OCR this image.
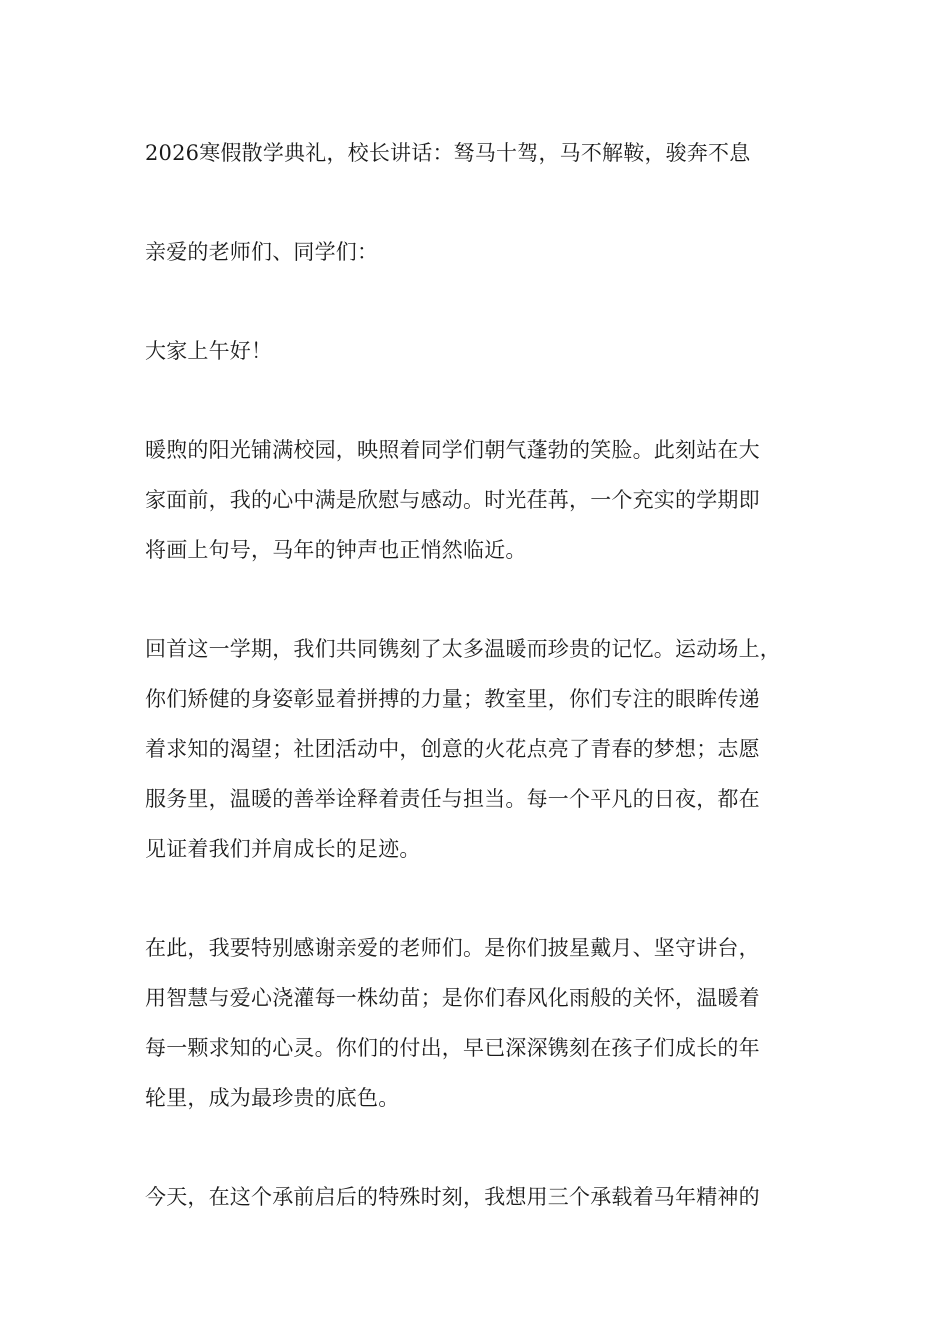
2026寒假散学典礼，校长讲话：驽马十驾，马不解鞍，骏奔不息
亲爱的老师们、同学们：
大家上午好！
暖煦的阳光铺满校园，映照着同学们朝气蓬勃的笑脸。此刻站在大
家面前，我的心中满是欣慰与感动。时光荏苒，一个充实的学期即
将画上句号，马年的钟声也正悄然临近。
回首这一学期，我们共同镌刻了太多温暖而珍贵的记忆。运动场上，
你们矫健的身姿彰显着拼搏的力量；教室里，你们专注的眼眸传递
着求知的渴望；社团活动中，创意的火花点亮了青春的梦想；志愿
服务里，温暖的善举诠释着责任与担当。每一个平凡的日夜，都在
见证着我们并肩成长的足迹。
在此，我要特别感谢亲爱的老师们。是你们披星戴月、坚守讲台，
用智慧与爱心浇灌每一株幼苗；是你们春风化雨般的关怀，温暖着
每一颗求知的心灵。你们的付出，早已深深镌刻在孩子们成长的年
轮里，成为最珍贵的底色。
今天，在这个承前启后的特殊时刻，我想用三个承载着马年精神的
